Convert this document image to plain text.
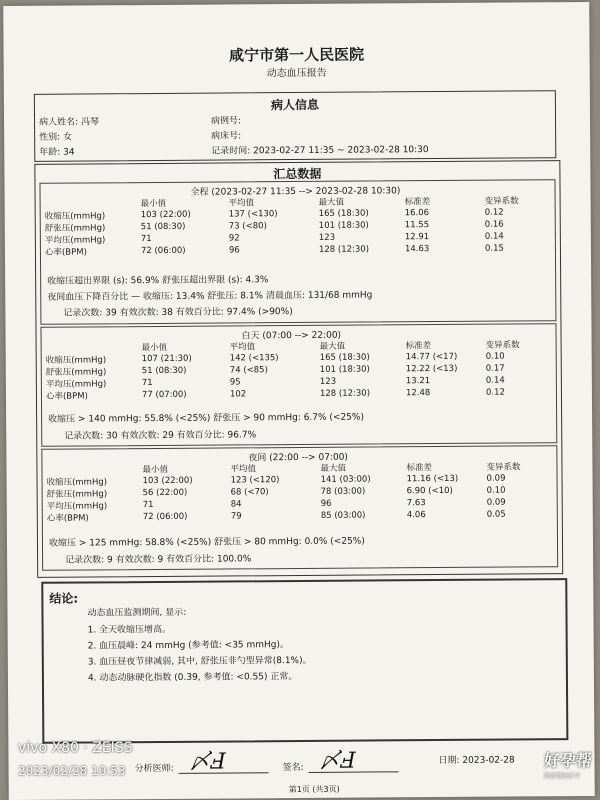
咸宁市第一人民医院
动态血压报告
病人信息
病人姓名: 冯琴
性别: 女
年龄: 34
病例号:
病床号:
记录时间: 2023-02-27 11:35 ~ 2023-02-28 10:30
汇总数据
全程 (2023-02-27 11:35 --> 2023-02-28 10:30)
	最小值	平均值	最大值	标准差	变异系数
收缩压(mmHg)	103 (22:00)	137 (<130)	165 (18:30)	16.06	0.12
舒张压(mmHg)	51 (08:30)	73 (<80)	101 (18:30)	11.55	0.16
平均压(mmHg)	71	92	123	12.91	0.14
心率(BPM)	72 (06:00)	96	128 (12:30)	14.63	0.15
收缩压超出界限 (s): 56.9% 舒张压超出界限 (s): 4.3%
夜间血压下降百分比 — 收缩压: 13.4% 舒张压: 8.1% 清晨血压: 131/68 mmHg
记录次数: 39 有效次数: 38 有效百分比: 97.4% (>90%)
白天 (07:00 --> 22:00)
	最小值	平均值	最大值	标准差	变异系数
收缩压(mmHg)	107 (21:30)	142 (<135)	165 (18:30)	14.77 (<17)	0.10
舒张压(mmHg)	51 (08:30)	74 (<85)	101 (18:30)	12.22 (<13)	0.17
平均压(mmHg)	71	95	123	13.21	0.14
心率(BPM)	77 (07:00)	102	128 (12:30)	12.48	0.12
收缩压 > 140 mmHg: 55.8% (<25%) 舒张压 > 90 mmHg: 6.7% (<25%)
记录次数: 30 有效次数: 29 有效百分比: 96.7%
夜间 (22:00 --> 07:00)
	最小值	平均值	最大值	标准差	变异系数
收缩压(mmHg)	103 (22:00)	123 (<120)	141 (03:00)	11.16 (<13)	0.09
舒张压(mmHg)	56 (22:00)	68 (<70)	78 (03:00)	6.90 (<10)	0.10
平均压(mmHg)	71	84	96	7.63	0.09
心率(BPM)	72 (06:00)	79	85 (03:00)	4.06	0.05
收缩压 > 125 mmHg: 58.8% (<25%) 舒张压 > 80 mmHg: 0.0% (<25%)
记录次数: 9 有效次数: 9 有效百分比: 100.0%
结论:
动态血压监测期间, 显示:
1. 全天收缩压增高。
2. 血压晨峰: 24 mmHg (参考值: <35 mmHg)。
3. 血压昼夜节律减弱, 其中, 舒张压非勺型异常(8.1%)。
4. 动态动脉硬化指数 (0.39, 参考值: <0.55) 正常。
分析医师: 〆Ⅎ	签名: 〆Ⅎ	日期: 2023-02-28
第1页 (共3页)
vivo X80 · ZEISS
2023/02/28 10:53
好孕帮
助您更快好孕
